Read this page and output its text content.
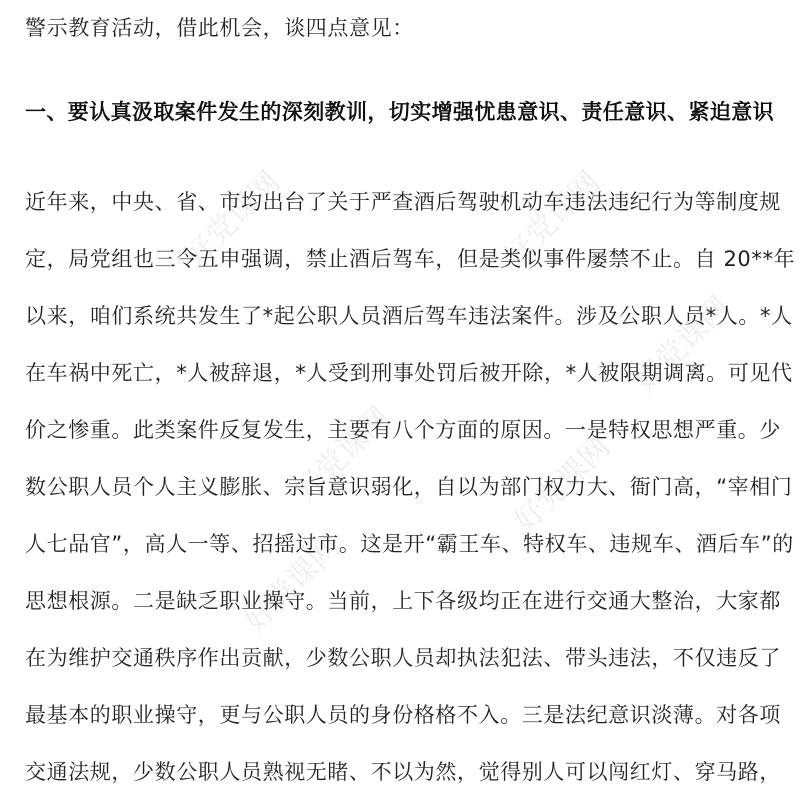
好党课网	好党课网
好党课网	好党课网
好党课网
好党课网
警示教育活动，借此机会，谈四点意见：
一、要认真汲取案件发生的深刻教训，切实增强忧患意识、责任意识、紧迫意识
近年来，中央、省、市均出台了关于严查酒后驾驶机动车违法违纪行为等制度规
定，局党组也三令五申强调，禁止酒后驾车，但是类似事件屡禁不止。自 20**年
以来，咱们系统共发生了*起公职人员酒后驾车违法案件。涉及公职人员*人。*人
在车祸中死亡，*人被辞退，*人受到刑事处罚后被开除，*人被限期调离。可见代
价之惨重。此类案件反复发生，主要有八个方面的原因。一是特权思想严重。少
数公职人员个人主义膨胀、宗旨意识弱化，自以为部门权力大、衙门高，“宰相门
人七品官”，高人一等、招摇过市。这是开“霸王车、特权车、违规车、酒后车”的
思想根源。二是缺乏职业操守。当前，上下各级均正在进行交通大整治，大家都
在为维护交通秩序作出贡献，少数公职人员却执法犯法、带头违法，不仅违反了
最基本的职业操守，更与公职人员的身份格格不入。三是法纪意识淡薄。对各项
交通法规，少数公职人员熟视无睹、不以为然，觉得别人可以闯红灯、穿马路，
